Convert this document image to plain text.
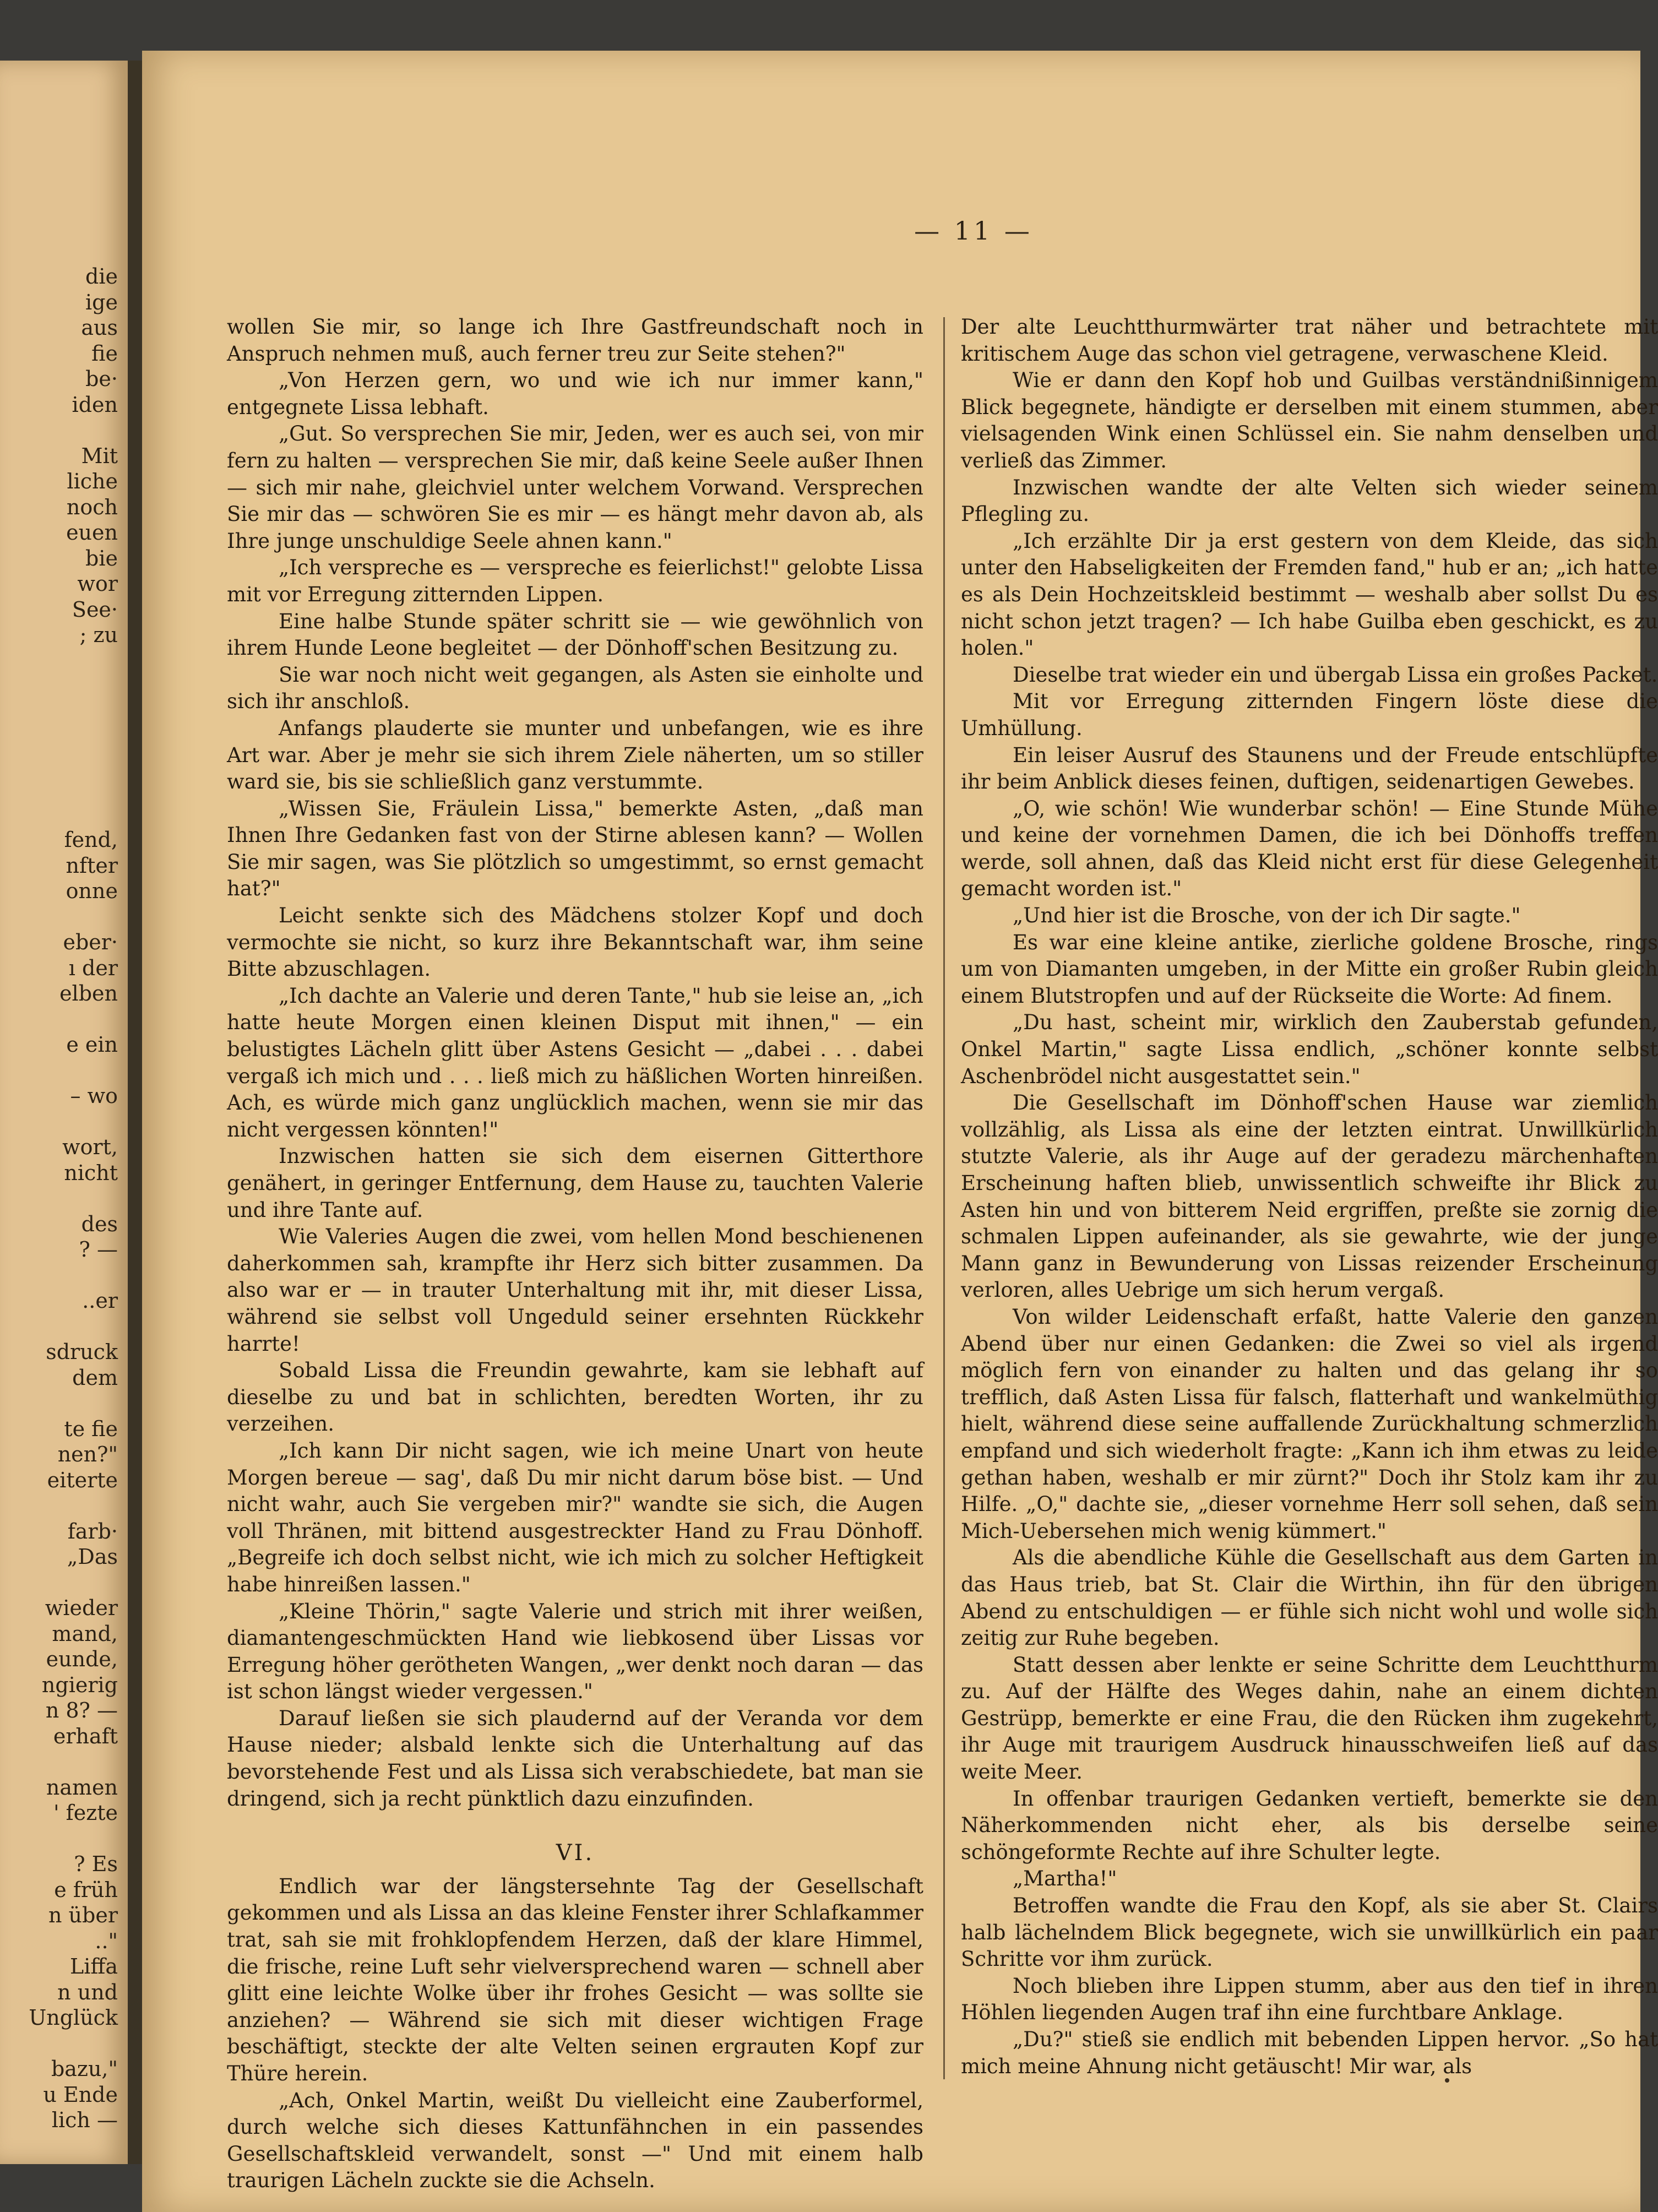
die
ige
aus
fie
be·
iden
Mit
liche
noch
euen
bie
wor
See·
; zu
fend,
nfter
onne
eber·
ı der
elben
e ein
– wo
wort,
nicht
des
? —
..er
sdruck
dem
te fie
nen?"
eiterte
farb·
„Das
wieder
mand,
eunde,
ngierig
n 8? —
erhaft
namen
' fezte
? Es
e früh
n über
.."
Liffa
n und
Unglück
bazu,"
u Ende
lich —
— 11 —

wollen Sie mir, so lange ich Ihre Gastfreundschaft noch in Anspruch nehmen muß, auch ferner treu zur Seite stehen?"

„Von Herzen gern, wo und wie ich nur immer kann," entgegnete Lissa lebhaft.

„Gut. So versprechen Sie mir, Jeden, wer es auch sei, von mir fern zu halten — versprechen Sie mir, daß keine Seele außer Ihnen — sich mir nahe, gleichviel unter welchem Vorwand. Versprechen Sie mir das — schwören Sie es mir — es hängt mehr davon ab, als Ihre junge unschuldige Seele ahnen kann."

„Ich verspreche es — verspreche es feierlichst!" gelobte Lissa mit vor Erregung zitternden Lippen.

Eine halbe Stunde später schritt sie — wie gewöhnlich von ihrem Hunde Leone begleitet — der Dönhoff'schen Besitzung zu.

Sie war noch nicht weit gegangen, als Asten sie einholte und sich ihr anschloß.

Anfangs plauderte sie munter und unbefangen, wie es ihre Art war. Aber je mehr sie sich ihrem Ziele näherten, um so stiller ward sie, bis sie schließlich ganz verstummte.

„Wissen Sie, Fräulein Lissa," bemerkte Asten, „daß man Ihnen Ihre Gedanken fast von der Stirne ablesen kann? — Wollen Sie mir sagen, was Sie plötzlich so umgestimmt, so ernst gemacht hat?"

Leicht senkte sich des Mädchens stolzer Kopf und doch vermochte sie nicht, so kurz ihre Bekanntschaft war, ihm seine Bitte abzuschlagen.

„Ich dachte an Valerie und deren Tante," hub sie leise an, „ich hatte heute Morgen einen kleinen Disput mit ihnen," — ein belustigtes Lächeln glitt über Astens Gesicht — „dabei . . . dabei vergaß ich mich und . . . ließ mich zu häßlichen Worten hinreißen. Ach, es würde mich ganz unglücklich machen, wenn sie mir das nicht vergessen könnten!"

Inzwischen hatten sie sich dem eisernen Gitterthore genähert, in geringer Entfernung, dem Hause zu, tauchten Valerie und ihre Tante auf.

Wie Valeries Augen die zwei, vom hellen Mond beschienenen daherkommen sah, krampfte ihr Herz sich bitter zusammen. Da also war er — in trauter Unterhaltung mit ihr, mit dieser Lissa, während sie selbst voll Ungeduld seiner ersehnten Rückkehr harrte!

Sobald Lissa die Freundin gewahrte, kam sie lebhaft auf dieselbe zu und bat in schlichten, beredten Worten, ihr zu verzeihen.

„Ich kann Dir nicht sagen, wie ich meine Unart von heute Morgen bereue — sag', daß Du mir nicht darum böse bist. — Und nicht wahr, auch Sie vergeben mir?" wandte sie sich, die Augen voll Thränen, mit bittend ausgestreckter Hand zu Frau Dönhoff. „Begreife ich doch selbst nicht, wie ich mich zu solcher Heftigkeit habe hinreißen lassen."

„Kleine Thörin," sagte Valerie und strich mit ihrer weißen, diamantengeschmückten Hand wie liebkosend über Lissas vor Erregung höher gerötheten Wangen, „wer denkt noch daran — das ist schon längst wieder vergessen."

Darauf ließen sie sich plaudernd auf der Veranda vor dem Hause nieder; alsbald lenkte sich die Unterhaltung auf das bevorstehende Fest und als Lissa sich verabschiedete, bat man sie dringend, sich ja recht pünktlich dazu einzufinden.

VI.

Endlich war der längstersehnte Tag der Gesellschaft gekommen und als Lissa an das kleine Fenster ihrer Schlafkammer trat, sah sie mit frohklopfendem Herzen, daß der klare Himmel, die frische, reine Luft sehr vielversprechend waren — schnell aber glitt eine leichte Wolke über ihr frohes Gesicht — was sollte sie anziehen? — Während sie sich mit dieser wichtigen Frage beschäftigt, steckte der alte Velten seinen ergrauten Kopf zur Thüre herein.

„Ach, Onkel Martin, weißt Du vielleicht eine Zauberformel, durch welche sich dieses Kattunfähnchen in ein passendes Gesellschaftskleid verwandelt, sonst —" Und mit einem halb traurigen Lächeln zuckte sie die Achseln.

Der alte Leuchtthurmwärter trat näher und betrachtete mit kritischem Auge das schon viel getragene, verwaschene Kleid.

Wie er dann den Kopf hob und Guilbas verständnißinnigem Blick begegnete, händigte er derselben mit einem stummen, aber vielsagenden Wink einen Schlüssel ein. Sie nahm denselben und verließ das Zimmer.

Inzwischen wandte der alte Velten sich wieder seinem Pflegling zu.

„Ich erzählte Dir ja erst gestern von dem Kleide, das sich unter den Habseligkeiten der Fremden fand," hub er an; „ich hatte es als Dein Hochzeitskleid bestimmt — weshalb aber sollst Du es nicht schon jetzt tragen? — Ich habe Guilba eben geschickt, es zu holen."

Dieselbe trat wieder ein und übergab Lissa ein großes Packet.

Mit vor Erregung zitternden Fingern löste diese die Umhüllung.

Ein leiser Ausruf des Staunens und der Freude entschlüpfte ihr beim Anblick dieses feinen, duftigen, seidenartigen Gewebes.

„O, wie schön! Wie wunderbar schön! — Eine Stunde Mühe und keine der vornehmen Damen, die ich bei Dönhoffs treffen werde, soll ahnen, daß das Kleid nicht erst für diese Gelegenheit gemacht worden ist."

„Und hier ist die Brosche, von der ich Dir sagte."

Es war eine kleine antike, zierliche goldene Brosche, rings um von Diamanten umgeben, in der Mitte ein großer Rubin gleich einem Blutstropfen und auf der Rückseite die Worte: Ad finem.

„Du hast, scheint mir, wirklich den Zauberstab gefunden, Onkel Martin," sagte Lissa endlich, „schöner konnte selbst Aschenbrödel nicht ausgestattet sein."

Die Gesellschaft im Dönhoff'schen Hause war ziemlich vollzählig, als Lissa als eine der letzten eintrat. Unwillkürlich stutzte Valerie, als ihr Auge auf der geradezu märchenhaften Erscheinung haften blieb, unwissentlich schweifte ihr Blick zu Asten hin und von bitterem Neid ergriffen, preßte sie zornig die schmalen Lippen aufeinander, als sie gewahrte, wie der junge Mann ganz in Bewunderung von Lissas reizender Erscheinung verloren, alles Uebrige um sich herum vergaß.

Von wilder Leidenschaft erfaßt, hatte Valerie den ganzen Abend über nur einen Gedanken: die Zwei so viel als irgend möglich fern von einander zu halten und das gelang ihr so trefflich, daß Asten Lissa für falsch, flatterhaft und wankelmüthig hielt, während diese seine auffallende Zurückhaltung schmerzlich empfand und sich wiederholt fragte: „Kann ich ihm etwas zu leide gethan haben, weshalb er mir zürnt?" Doch ihr Stolz kam ihr zu Hilfe. „O," dachte sie, „dieser vornehme Herr soll sehen, daß sein Mich-Uebersehen mich wenig kümmert."

Als die abendliche Kühle die Gesellschaft aus dem Garten in das Haus trieb, bat St. Clair die Wirthin, ihn für den übrigen Abend zu entschuldigen — er fühle sich nicht wohl und wolle sich zeitig zur Ruhe begeben.

Statt dessen aber lenkte er seine Schritte dem Leuchtthurm zu. Auf der Hälfte des Weges dahin, nahe an einem dichten Gestrüpp, bemerkte er eine Frau, die den Rücken ihm zugekehrt, ihr Auge mit traurigem Ausdruck hinausschweifen ließ auf das weite Meer.

In offenbar traurigen Gedanken vertieft, bemerkte sie den Näherkommenden nicht eher, als bis derselbe seine schöngeformte Rechte auf ihre Schulter legte.

„Martha!"

Betroffen wandte die Frau den Kopf, als sie aber St. Clairs halb lächelndem Blick begegnete, wich sie unwillkürlich ein paar Schritte vor ihm zurück.

Noch blieben ihre Lippen stumm, aber aus den tief in ihren Höhlen liegenden Augen traf ihn eine furchtbare Anklage.

„Du?" stieß sie endlich mit bebenden Lippen hervor. „So hat mich meine Ahnung nicht getäuscht! Mir war, als
